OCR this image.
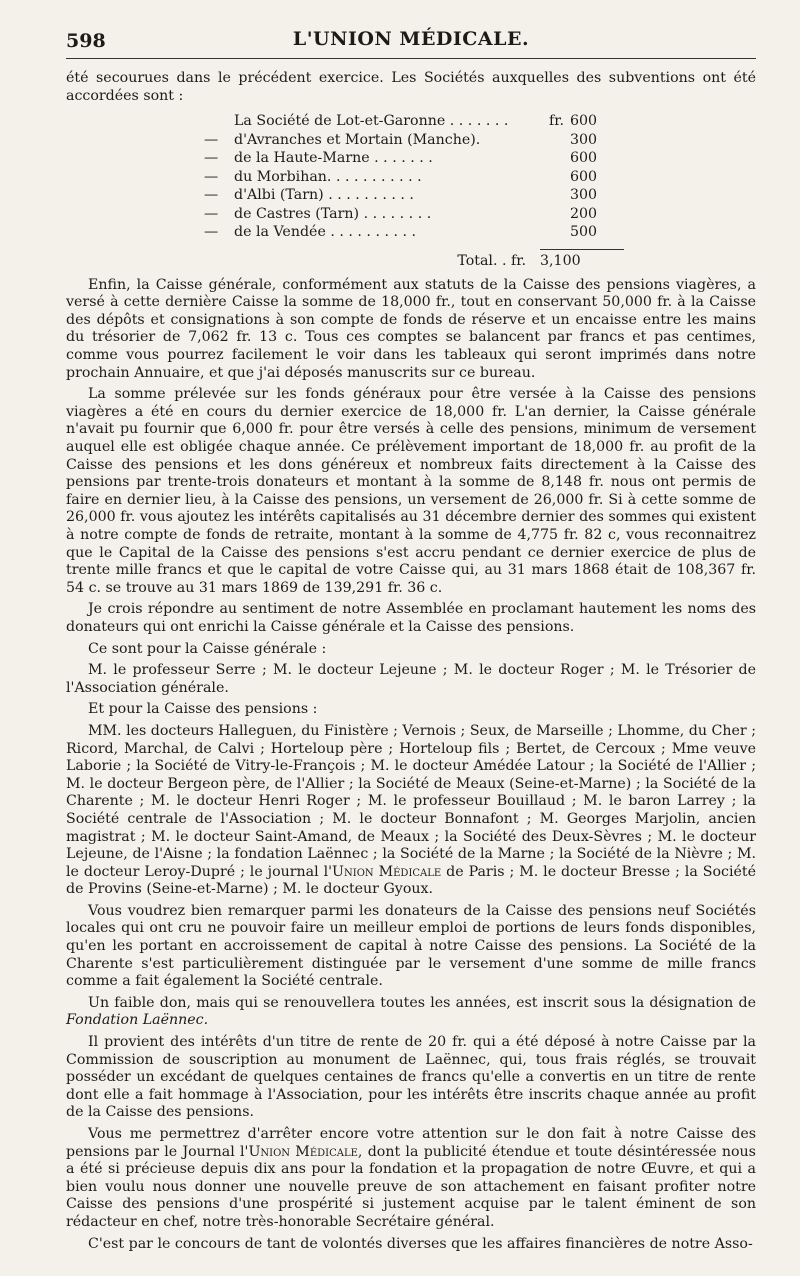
598	L'UNION MÉDICALE.

été secourues dans le précédent exercice. Les Sociétés auxquelles des subventions ont été accordées sont :

La Société de Lot-et-Garonne . . . . . . .	fr. 600
—	d'Avranches et Mortain (Manche).	300
—	de la Haute-Marne . . . . . . .	600
—	du Morbihan. . . . . . . . . . .	600
—	d'Albi (Tarn) . . . . . . . . . .	300
—	de Castres (Tarn) . . . . . . . .	200
—	de la Vendée . . . . . . . . . .	500
Total. . fr. 3,100

Enfin, la Caisse générale, conformément aux statuts de la Caisse des pensions viagères, a versé à cette dernière Caisse la somme de 18,000 fr., tout en conservant 50,000 fr. à la Caisse des dépôts et consignations à son compte de fonds de réserve et un encaisse entre les mains du trésorier de 7,062 fr. 13 c. Tous ces comptes se balancent par francs et pas centimes, comme vous pourrez facilement le voir dans les tableaux qui seront imprimés dans notre prochain Annuaire, et que j'ai déposés manuscrits sur ce bureau.

La somme prélevée sur les fonds généraux pour être versée à la Caisse des pensions viagères a été en cours du dernier exercice de 18,000 fr. L'an dernier, la Caisse générale n'avait pu fournir que 6,000 fr. pour être versés à celle des pensions, minimum de versement auquel elle est obligée chaque année. Ce prélèvement important de 18,000 fr. au profit de la Caisse des pensions et les dons généreux et nombreux faits directement à la Caisse des pensions par trente-trois donateurs et montant à la somme de 8,148 fr. nous ont permis de faire en dernier lieu, à la Caisse des pensions, un versement de 26,000 fr. Si à cette somme de 26,000 fr. vous ajoutez les intérêts capitalisés au 31 décembre dernier des sommes qui existent à notre compte de fonds de retraite, montant à la somme de 4,775 fr. 82 c, vous reconnaitrez que le Capital de la Caisse des pensions s'est accru pendant ce dernier exercice de plus de trente mille francs et que le capital de votre Caisse qui, au 31 mars 1868 était de 108,367 fr. 54 c. se trouve au 31 mars 1869 de 139,291 fr. 36 c.

Je crois répondre au sentiment de notre Assemblée en proclamant hautement les noms des donateurs qui ont enrichi la Caisse générale et la Caisse des pensions.

Ce sont pour la Caisse générale :

M. le professeur Serre ; M. le docteur Lejeune ; M. le docteur Roger ; M. le Trésorier de l'Association générale.

Et pour la Caisse des pensions :

MM. les docteurs Halleguen, du Finistère ; Vernois ; Seux, de Marseille ; Lhomme, du Cher ; Ricord, Marchal, de Calvi ; Horteloup père ; Horteloup fils ; Bertet, de Cercoux ; Mme veuve Laborie ; la Société de Vitry-le-François ; M. le docteur Amédée Latour ; la Société de l'Allier ; M. le docteur Bergeon père, de l'Allier ; la Société de Meaux (Seine-et-Marne) ; la Société de la Charente ; M. le docteur Henri Roger ; M. le professeur Bouillaud ; M. le baron Larrey ; la Société centrale de l'Association ; M. le docteur Bonnafont ; M. Georges Marjolin, ancien magistrat ; M. le docteur Saint-Amand, de Meaux ; la Société des Deux-Sèvres ; M. le docteur Lejeune, de l'Aisne ; la fondation Laënnec ; la Société de la Marne ; la Société de la Nièvre ; M. le docteur Leroy-Dupré ; le journal l'Union Médicale de Paris ; M. le docteur Bresse ; la Société de Provins (Seine-et-Marne) ; M. le docteur Gyoux.

Vous voudrez bien remarquer parmi les donateurs de la Caisse des pensions neuf Sociétés locales qui ont cru ne pouvoir faire un meilleur emploi de portions de leurs fonds disponibles, qu'en les portant en accroissement de capital à notre Caisse des pensions. La Société de la Charente s'est particulièrement distinguée par le versement d'une somme de mille francs comme a fait également la Société centrale.

Un faible don, mais qui se renouvellera toutes les années, est inscrit sous la désignation de Fondation Laënnec.

Il provient des intérêts d'un titre de rente de 20 fr. qui a été déposé à notre Caisse par la Commission de souscription au monument de Laënnec, qui, tous frais réglés, se trouvait posséder un excédant de quelques centaines de francs qu'elle a convertis en un titre de rente dont elle a fait hommage à l'Association, pour les intérêts être inscrits chaque année au profit de la Caisse des pensions.

Vous me permettrez d'arrêter encore votre attention sur le don fait à notre Caisse des pensions par le Journal l'Union Médicale, dont la publicité étendue et toute désintéressée nous a été si précieuse depuis dix ans pour la fondation et la propagation de notre Œuvre, et qui a bien voulu nous donner une nouvelle preuve de son attachement en faisant profiter notre Caisse des pensions d'une prospérité si justement acquise par le talent éminent de son rédacteur en chef, notre très-honorable Secrétaire général.

C'est par le concours de tant de volontés diverses que les affaires financières de notre Asso-
